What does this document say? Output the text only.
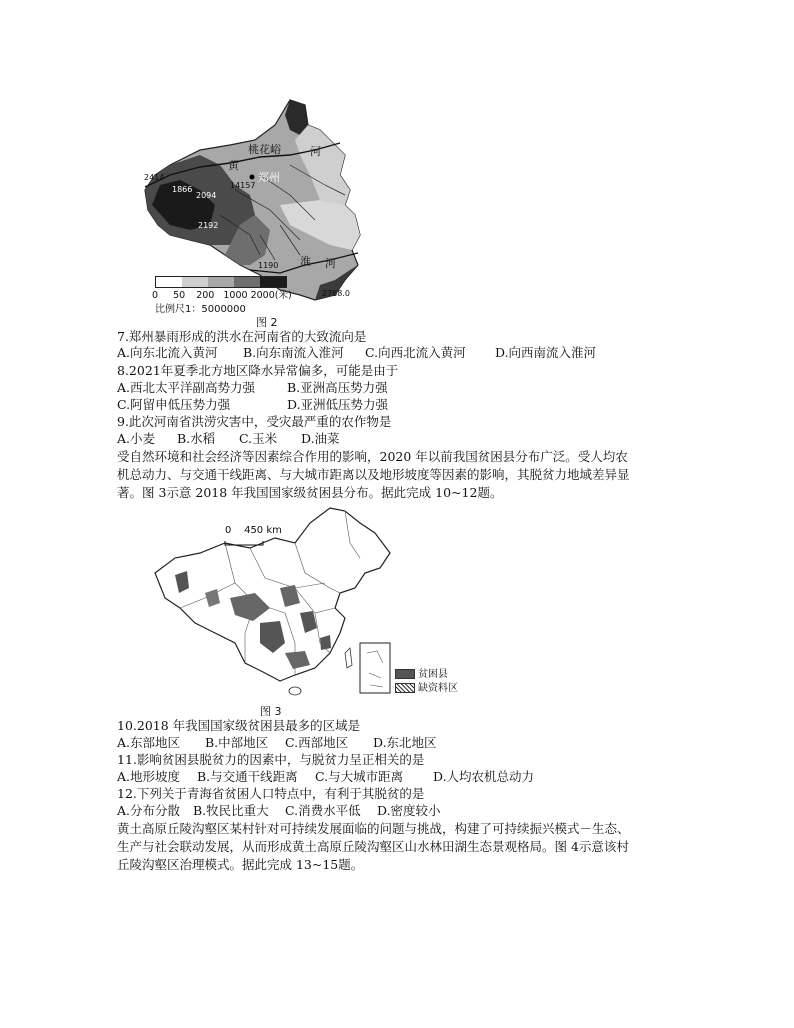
桃花峪
黄
河
郑州
淮 河
2414
1866
2094
14157
2192
1190
2768.0
0 50 200 1000 2000(米)
比例尺1：5000000
图 2
7.郑州暴雨形成的洪水在河南省的大致流向是
A.向东北流入黄河 B.向东南流入淮河 C.向西北流入黄河 D.向西南流入淮河
8.2021年夏季北方地区降水异常偏多，可能是由于
A.西北太平洋副高势力强	B.亚洲高压势力强
C.阿留申低压势力强	D.亚洲低压势力强
9.此次河南省洪涝灾害中，受灾最严重的农作物是
A.小麦 B.水稻 C.玉米 D.油菜
受自然环境和社会经济等因素综合作用的影响，2020 年以前我国贫困县分布广泛。受人均农
机总动力、与交通干线距离、与大城市距离以及地形坡度等因素的影响，其脱贫力地域差异显
著。图 3示意 2018 年我国国家级贫困县分布。据此完成 10~12题。
0    450 km
贫困县
缺资料区
图 3
10.2018 年我国国家级贫困县最多的区域是
A.东部地区 B.中部地区 C.西部地区 D.东北地区
11.影响贫困县脱贫力的因素中，与脱贫力呈正相关的是
A.地形坡度 B.与交通干线距离 C.与大城市距离 D.人均农机总动力
12.下列关于青海省贫困人口特点中，有利于其脱贫的是
A.分布分散 B.牧民比重大 C.消费水平低 D.密度较小
黄土高原丘陵沟壑区某村针对可持续发展面临的问题与挑战，构建了可持续振兴模式－生态、
生产与社会联动发展，从而形成黄土高原丘陵沟壑区山水林田湖生态景观格局。图 4示意该村
丘陵沟壑区治理模式。据此完成 13~15题。
